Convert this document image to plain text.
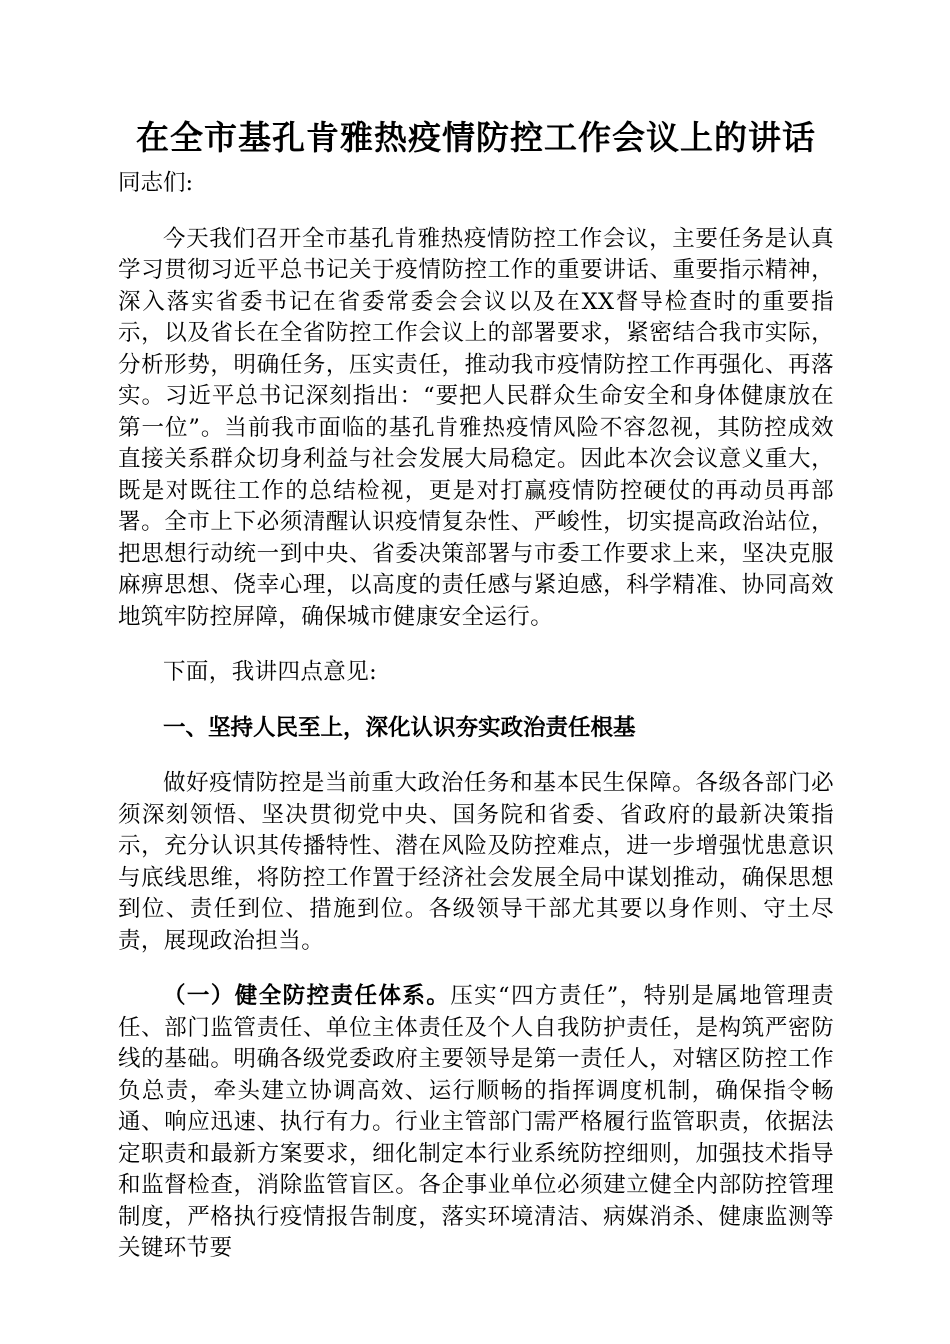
在全市基孔肯雅热疫情防控工作会议上的讲话

同志们:

今天我们召开全市基孔肯雅热疫情防控工作会议，主要任务是认真学习贯彻习近平总书记关于疫情防控工作的重要讲话、重要指示精神，深入落实省委书记在省委常委会会议以及在XX督导检查时的重要指示，以及省长在全省防控工作会议上的部署要求，紧密结合我市实际，分析形势，明确任务，压实责任，推动我市疫情防控工作再强化、再落实。习近平总书记深刻指出：“要把人民群众生命安全和身体健康放在第一位”。当前我市面临的基孔肯雅热疫情风险不容忽视，其防控成效直接关系群众切身利益与社会发展大局稳定。因此本次会议意义重大，既是对既往工作的总结检视，更是对打赢疫情防控硬仗的再动员再部署。全市上下必须清醒认识疫情复杂性、严峻性，切实提高政治站位，把思想行动统一到中央、省委决策部署与市委工作要求上来，坚决克服麻痹思想、侥幸心理，以高度的责任感与紧迫感，科学精准、协同高效地筑牢防控屏障，确保城市健康安全运行。

下面，我讲四点意见:

一、坚持人民至上，深化认识夯实政治责任根基

做好疫情防控是当前重大政治任务和基本民生保障。各级各部门必须深刻领悟、坚决贯彻党中央、国务院和省委、省政府的最新决策指示，充分认识其传播特性、潜在风险及防控难点，进一步增强忧患意识与底线思维，将防控工作置于经济社会发展全局中谋划推动，确保思想到位、责任到位、措施到位。各级领导干部尤其要以身作则、守土尽责，展现政治担当。

（一）健全防控责任体系。压实“四方责任”，特别是属地管理责任、部门监管责任、单位主体责任及个人自我防护责任，是构筑严密防线的基础。明确各级党委政府主要领导是第一责任人，对辖区防控工作负总责，牵头建立协调高效、运行顺畅的指挥调度机制，确保指令畅通、响应迅速、执行有力。行业主管部门需严格履行监管职责，依据法定职责和最新方案要求，细化制定本行业系统防控细则，加强技术指导和监督检查，消除监管盲区。各企事业单位必须建立健全内部防控管理制度，严格执行疫情报告制度，落实环境清洁、病媒消杀、健康监测等关键环节要
